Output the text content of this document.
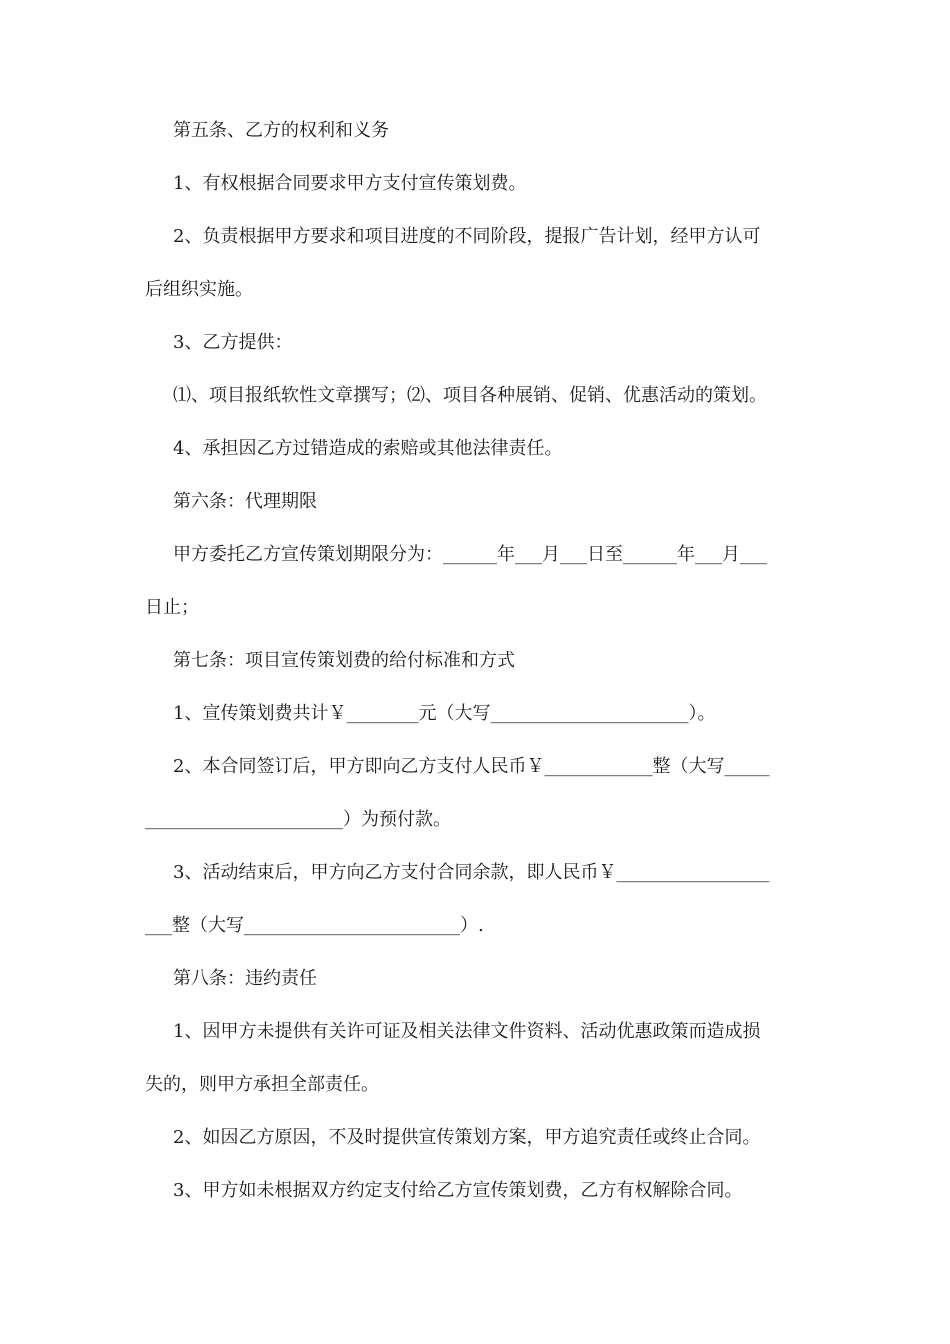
第五条、乙方的权利和义务

1、有权根据合同要求甲方支付宣传策划费。

2、负责根据甲方要求和项目进度的不同阶段，提报广告计划，经甲方认可

后组织实施。

3、乙方提供：

⑴、项目报纸软性文章撰写；⑵、项目各种展销、促销、优惠活动的策划。

4、承担因乙方过错造成的索赔或其他法律责任。

第六条：代理期限

甲方委托乙方宣传策划期限分为：______年___月___日至______年___月___

日止；

第七条：项目宣传策划费的给付标准和方式

1、宣传策划费共计￥________元（大写______________________）。

2、本合同签订后，甲方即向乙方支付人民币￥____________整（大写_____

______________________）为预付款。

3、活动结束后，甲方向乙方支付合同余款，即人民币￥_________________

___整（大写________________________）.

第八条：违约责任

1、因甲方未提供有关许可证及相关法律文件资料、活动优惠政策而造成损

失的，则甲方承担全部责任。

2、如因乙方原因，不及时提供宣传策划方案，甲方追究责任或终止合同。

3、甲方如未根据双方约定支付给乙方宣传策划费，乙方有权解除合同。
